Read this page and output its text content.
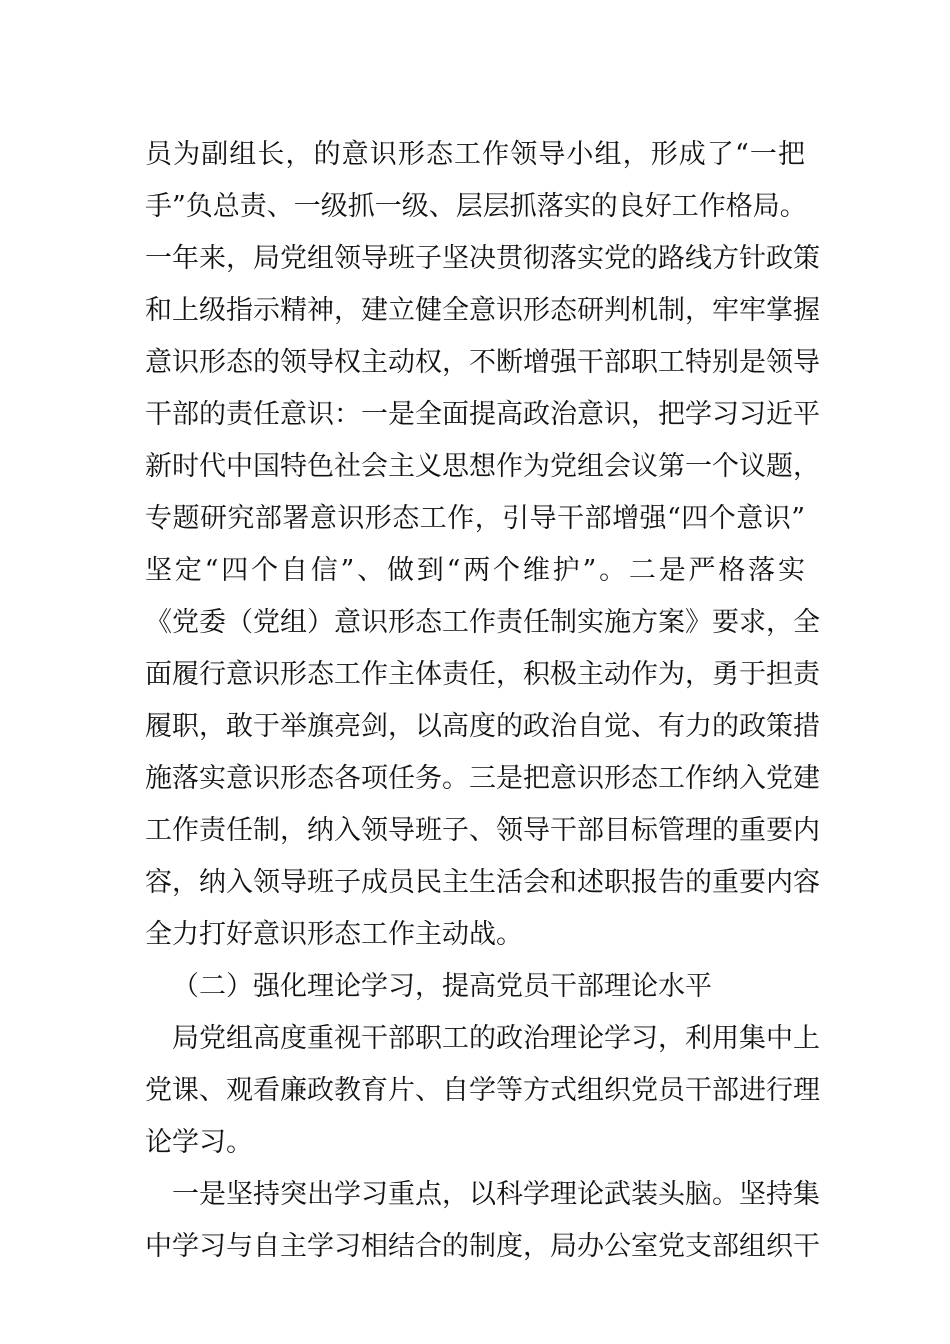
员为副组长，的意识形态工作领导小组，形成了“一把
手”负总责、一级抓一级、层层抓落实的良好工作格局。
一年来，局党组领导班子坚决贯彻落实党的路线方针政策
和上级指示精神，建立健全意识形态研判机制，牢牢掌握
意识形态的领导权主动权，不断增强干部职工特别是领导
干部的责任意识：一是全面提高政治意识，把学习习近平
新时代中国特色社会主义思想作为党组会议第一个议题，
专题研究部署意识形态工作，引导干部增强“四个意识”
坚定“四个自信”、做到“两个维护”。二是严格落实
《党委（党组）意识形态工作责任制实施方案》要求，全
面履行意识形态工作主体责任，积极主动作为，勇于担责
履职，敢于举旗亮剑，以高度的政治自觉、有力的政策措
施落实意识形态各项任务。三是把意识形态工作纳入党建
工作责任制，纳入领导班子、领导干部目标管理的重要内
容，纳入领导班子成员民主生活会和述职报告的重要内容
全力打好意识形态工作主动战。
（二）强化理论学习，提高党员干部理论水平
局党组高度重视干部职工的政治理论学习，利用集中上
党课、观看廉政教育片、自学等方式组织党员干部进行理
论学习。
一是坚持突出学习重点，以科学理论武装头脑。坚持集
中学习与自主学习相结合的制度，局办公室党支部组织干
